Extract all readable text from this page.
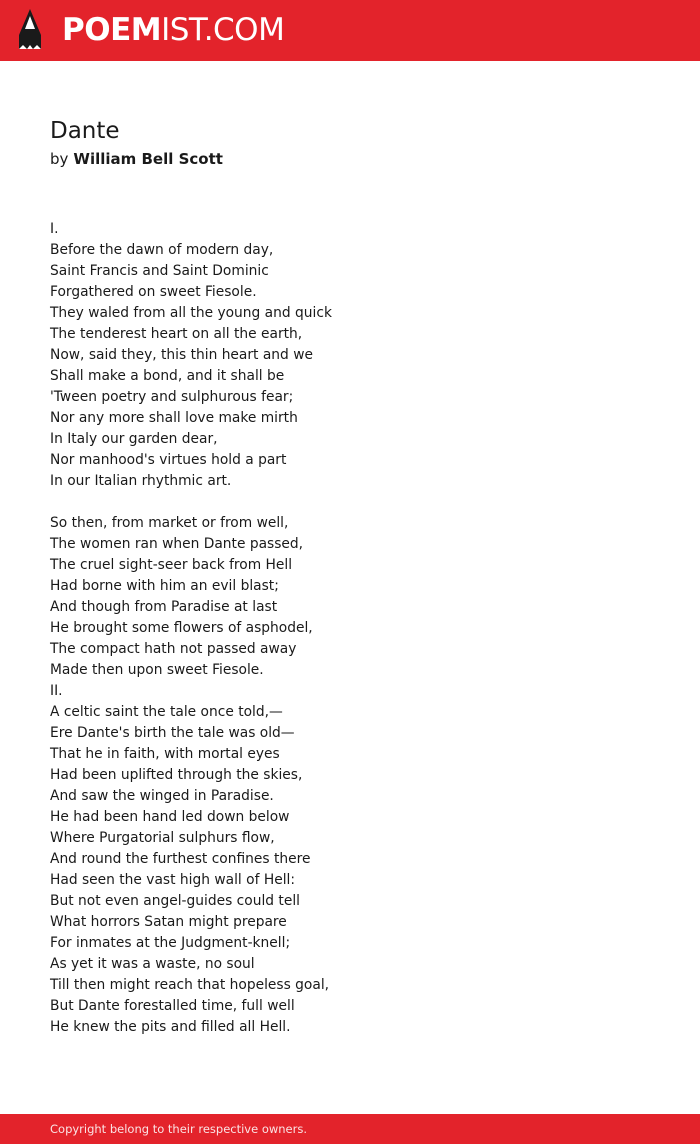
POEMIST.COM
Dante
by William Bell Scott
I.
Before the dawn of modern day,
Saint Francis and Saint Dominic
Forgathered on sweet Fiesole.
They waled from all the young and quick
The tenderest heart on all the earth,
Now, said they, this thin heart and we
Shall make a bond, and it shall be
'Tween poetry and sulphurous fear;
Nor any more shall love make mirth
In Italy our garden dear,
Nor manhood's virtues hold a part
In our Italian rhythmic art.
So then, from market or from well,
The women ran when Dante passed,
The cruel sight-seer back from Hell
Had borne with him an evil blast;
And though from Paradise at last
He brought some flowers of asphodel,
The compact hath not passed away
Made then upon sweet Fiesole.
II.
A celtic saint the tale once told,—
Ere Dante's birth the tale was old—
That he in faith, with mortal eyes
Had been uplifted through the skies,
And saw the winged in Paradise.
He had been hand led down below
Where Purgatorial sulphurs flow,
And round the furthest confines there
Had seen the vast high wall of Hell:
But not even angel-guides could tell
What horrors Satan might prepare
For inmates at the Judgment-knell;
As yet it was a waste, no soul
Till then might reach that hopeless goal,
But Dante forestalled time, full well
He knew the pits and filled all Hell.
Copyright belong to their respective owners.
